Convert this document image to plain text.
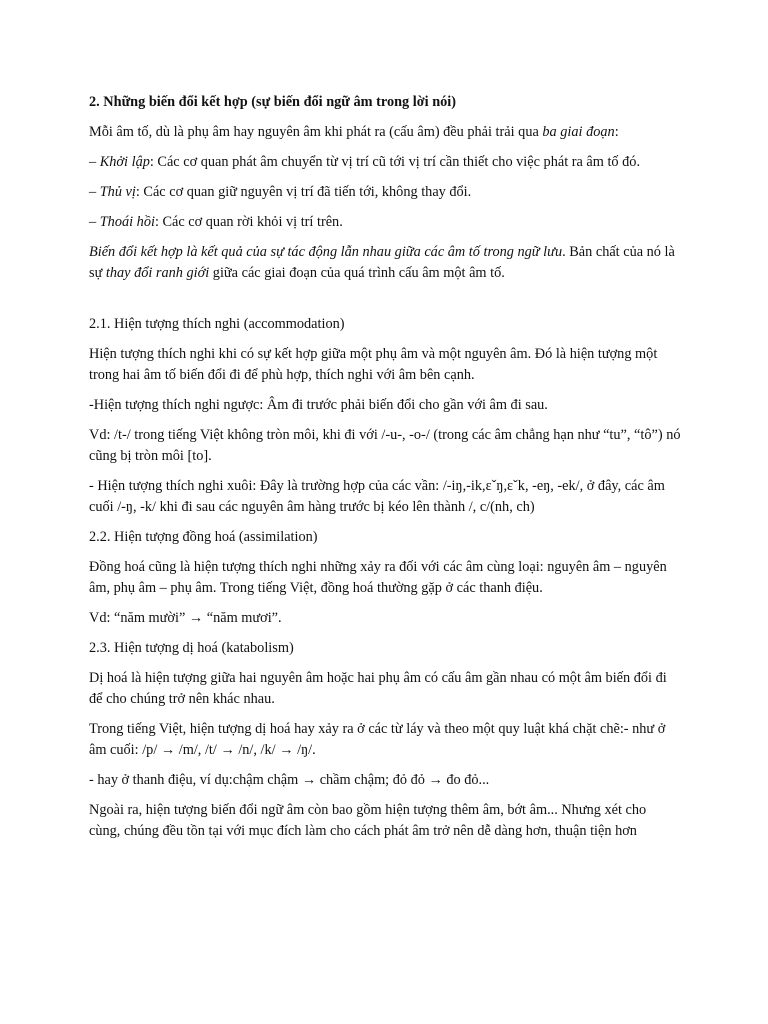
2. Những biến đổi kết hợp (sự biến đổi ngữ âm trong lời nói)

Mỗi âm tố, dù là phụ âm hay nguyên âm khi phát ra (cấu âm) đều phải trải qua ba giai đoạn:

– Khởi lập: Các cơ quan phát âm chuyển từ vị trí cũ tới vị trí cần thiết cho việc phát ra âm tố đó.

– Thủ vị: Các cơ quan giữ nguyên vị trí đã tiến tới, không thay đổi.

– Thoái hồi: Các cơ quan rời khỏi vị trí trên.

Biến đổi kết hợp là kết quả của sự tác động lẫn nhau giữa các âm tố trong ngữ lưu. Bản chất của nó là sự thay đổi ranh giới giữa các giai đoạn của quá trình cấu âm một âm tố.

2.1. Hiện tượng thích nghi (accommodation)

Hiện tượng thích nghi khi có sự kết hợp giữa một phụ âm và một nguyên âm. Đó là hiện tượng một trong hai âm tố biến đổi đi để phù hợp, thích nghi với âm bên cạnh.

-Hiện tượng thích nghi ngược: Âm đi trước phải biến đổi cho gần với âm đi sau.

Vd: /t-/ trong tiếng Việt không tròn môi, khi đi với /-u-, -o-/ (trong các âm chẳng hạn như “tu”, “tô”) nó cũng bị tròn môi [to].

- Hiện tượng thích nghi xuôi: Đây là trường hợp của các vần: /-iŋ,-ik,ɛˇŋ,ɛˇk, -eŋ, -ek/, ở đây, các âm cuối /-ŋ, -k/ khi đi sau các nguyên âm hàng trước bị kéo lên thành /, c/(nh, ch)

2.2. Hiện tượng đồng hoá (assimilation)

Đồng hoá cũng là hiện tượng thích nghi những xảy ra đối với các âm cùng loại: nguyên âm – nguyên âm, phụ âm – phụ âm. Trong tiếng Việt, đồng hoá thường gặp ở các thanh điệu.

Vd: “năm mười” → “năm mươi”.

2.3. Hiện tượng dị hoá (katabolism)

Dị hoá là hiện tượng giữa hai nguyên âm hoặc hai phụ âm có cấu âm gần nhau có một âm biến đổi đi để cho chúng trở nên khác nhau.

Trong tiếng Việt, hiện tượng dị hoá hay xảy ra ở các từ láy và theo một quy luật khá chặt chẽ:- như ở âm cuối: /p/ → /m/, /t/ → /n/, /k/ → /ŋ/.

- hay ở thanh điệu, ví dụ:chậm chậm → chầm chậm; đỏ đỏ → đo đỏ...

Ngoài ra, hiện tượng biến đổi ngữ âm còn bao gồm hiện tượng thêm âm, bớt âm... Nhưng xét cho cùng, chúng đều tồn tại với mục đích làm cho cách phát âm trở nên dễ dàng hơn, thuận tiện hơn
